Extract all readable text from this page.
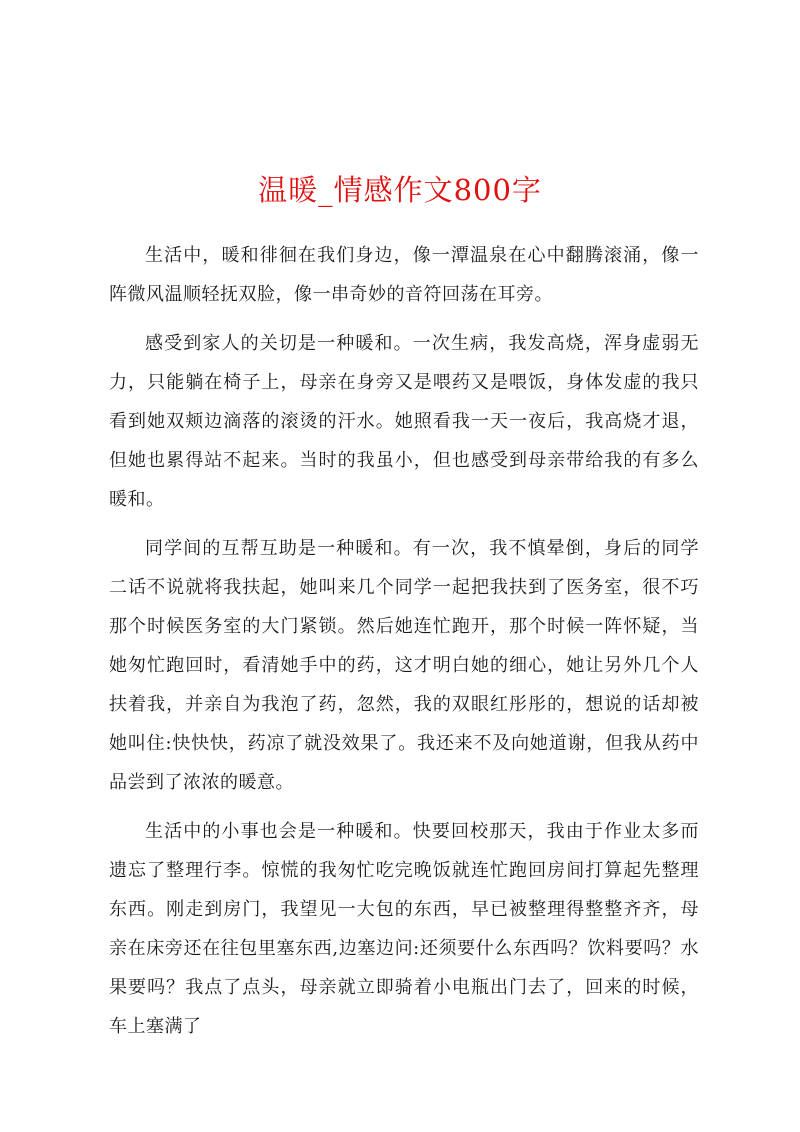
温暖_情感作文800字

生活中，暖和徘徊在我们身边，像一潭温泉在心中翻腾滚涌，像一阵微风温顺轻抚双脸，像一串奇妙的音符回荡在耳旁。

感受到家人的关切是一种暖和。一次生病，我发高烧，浑身虚弱无力，只能躺在椅子上，母亲在身旁又是喂药又是喂饭，身体发虚的我只看到她双颊边滴落的滚烫的汗水。她照看我一天一夜后，我高烧才退，但她也累得站不起来。当时的我虽小，但也感受到母亲带给我的有多么暖和。

同学间的互帮互助是一种暖和。有一次，我不慎晕倒，身后的同学二话不说就将我扶起，她叫来几个同学一起把我扶到了医务室，很不巧那个时候医务室的大门紧锁。然后她连忙跑开，那个时候一阵怀疑，当她匆忙跑回时，看清她手中的药，这才明白她的细心，她让另外几个人扶着我，并亲自为我泡了药，忽然，我的双眼红彤彤的，想说的话却被她叫住:快快快，药凉了就没效果了。我还来不及向她道谢，但我从药中品尝到了浓浓的暖意。

生活中的小事也会是一种暖和。快要回校那天，我由于作业太多而遗忘了整理行李。惊慌的我匆忙吃完晚饭就连忙跑回房间打算起先整理东西。刚走到房门，我望见一大包的东西，早已被整理得整整齐齐，母亲在床旁还在往包里塞东西,边塞边问:还须要什么东西吗？饮料要吗？水果要吗？我点了点头，母亲就立即骑着小电瓶出门去了，回来的时候，车上塞满了
